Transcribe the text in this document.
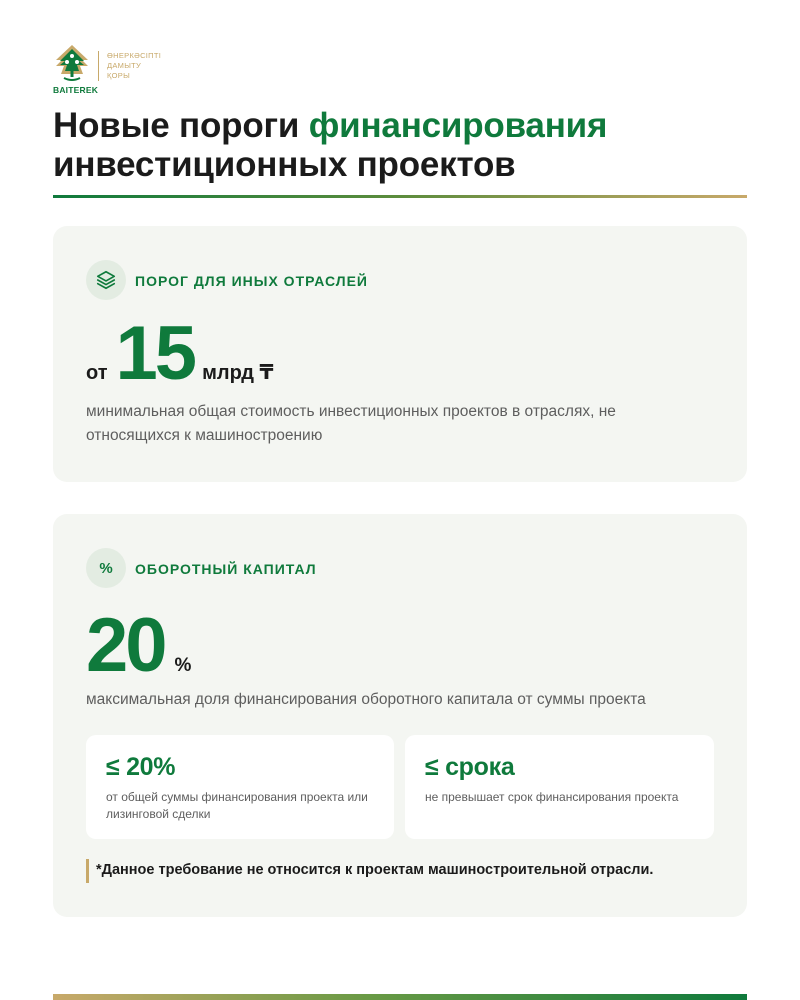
BAITEREK
ӨНЕРКӘСІПТІ
ДАМЫТУ
ҚОРЫ
Новые пороги финансирования
инвестиционных проектов
ПОРОГ ДЛЯ ИНЫХ ОТРАСЛЕЙ
от 15 млрд ₸
минимальная общая стоимость инвестиционных проектов в отраслях, не относящихся к машиностроению
% ОБОРОТНЫЙ КАПИТАЛ
20 %
максимальная доля финансирования оборотного капитала от суммы проекта
≤ 20%
от общей суммы финансирования проекта или лизинговой сделки
≤ срока
не превышает срок финансирования проекта
*Данное требование не относится к проектам машиностроительной отрасли.
